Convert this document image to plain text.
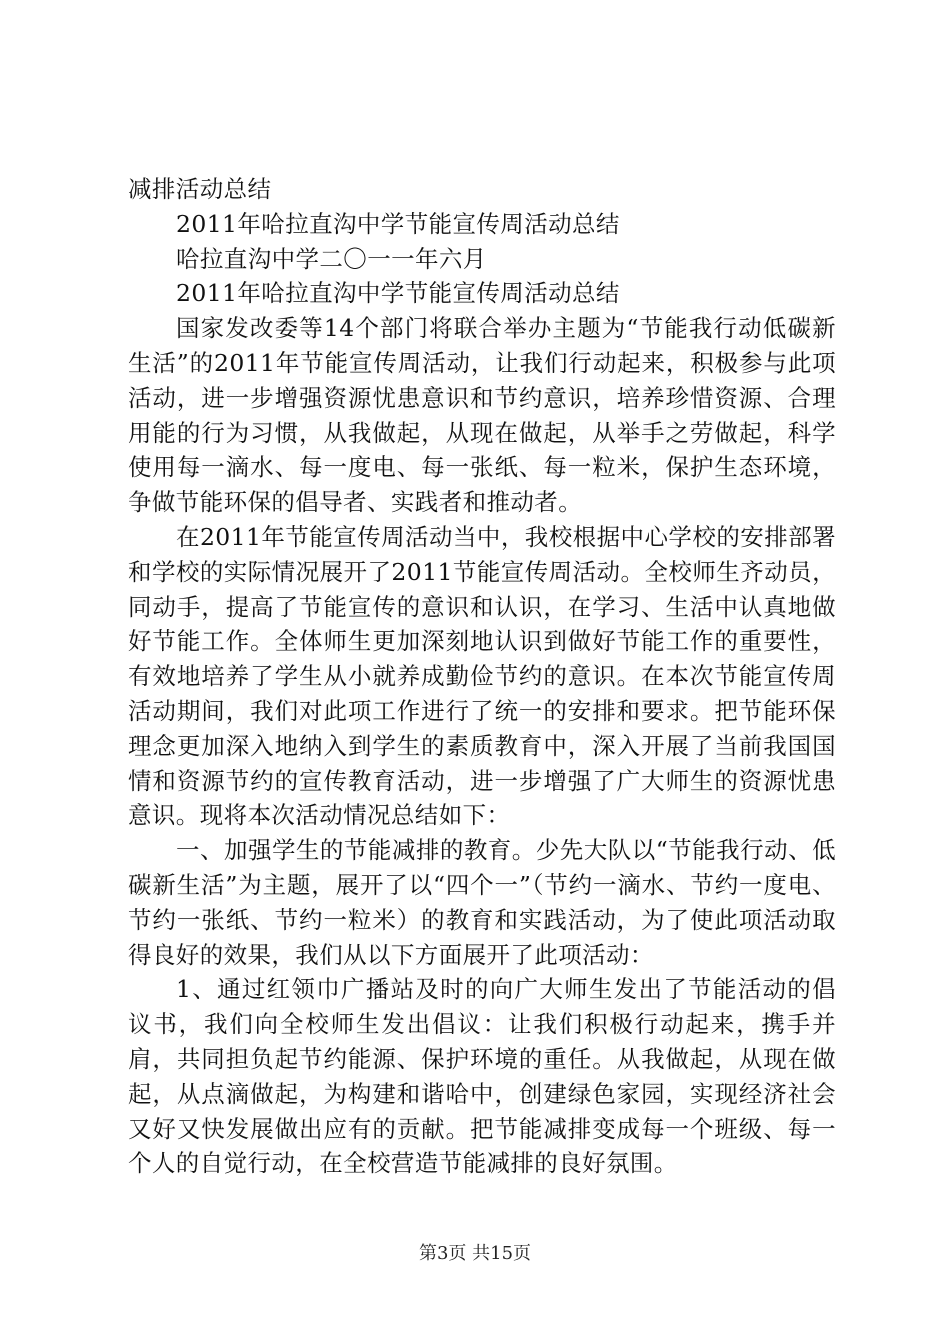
减排活动总结

2011年哈拉直沟中学节能宣传周活动总结

哈拉直沟中学二〇一一年六月

2011年哈拉直沟中学节能宣传周活动总结

国家发改委等14个部门将联合举办主题为“节能我行动低碳新生活”的2011年节能宣传周活动，让我们行动起来，积极参与此项活动，进一步增强资源忧患意识和节约意识，培养珍惜资源、合理用能的行为习惯，从我做起，从现在做起，从举手之劳做起，科学使用每一滴水、每一度电、每一张纸、每一粒米，保护生态环境，争做节能环保的倡导者、实践者和推动者。

在2011年节能宣传周活动当中，我校根据中心学校的安排部署和学校的实际情况展开了2011节能宣传周活动。全校师生齐动员，同动手，提高了节能宣传的意识和认识，在学习、生活中认真地做好节能工作。全体师生更加深刻地认识到做好节能工作的重要性，有效地培养了学生从小就养成勤俭节约的意识。在本次节能宣传周活动期间，我们对此项工作进行了统一的安排和要求。把节能环保理念更加深入地纳入到学生的素质教育中，深入开展了当前我国国情和资源节约的宣传教育活动，进一步增强了广大师生的资源忧患意识。现将本次活动情况总结如下：

一、加强学生的节能减排的教育。少先大队以“节能我行动、低碳新生活”为主题，展开了以“四个一”（节约一滴水、节约一度电、节约一张纸、节约一粒米）的教育和实践活动，为了使此项活动取得良好的效果，我们从以下方面展开了此项活动：

1、通过红领巾广播站及时的向广大师生发出了节能活动的倡议书，我们向全校师生发出倡议：让我们积极行动起来，携手并肩，共同担负起节约能源、保护环境的重任。从我做起，从现在做起，从点滴做起，为构建和谐哈中，创建绿色家园，实现经济社会又好又快发展做出应有的贡献。把节能减排变成每一个班级、每一个人的自觉行动，在全校营造节能减排的良好氛围。

第3页 共15页
